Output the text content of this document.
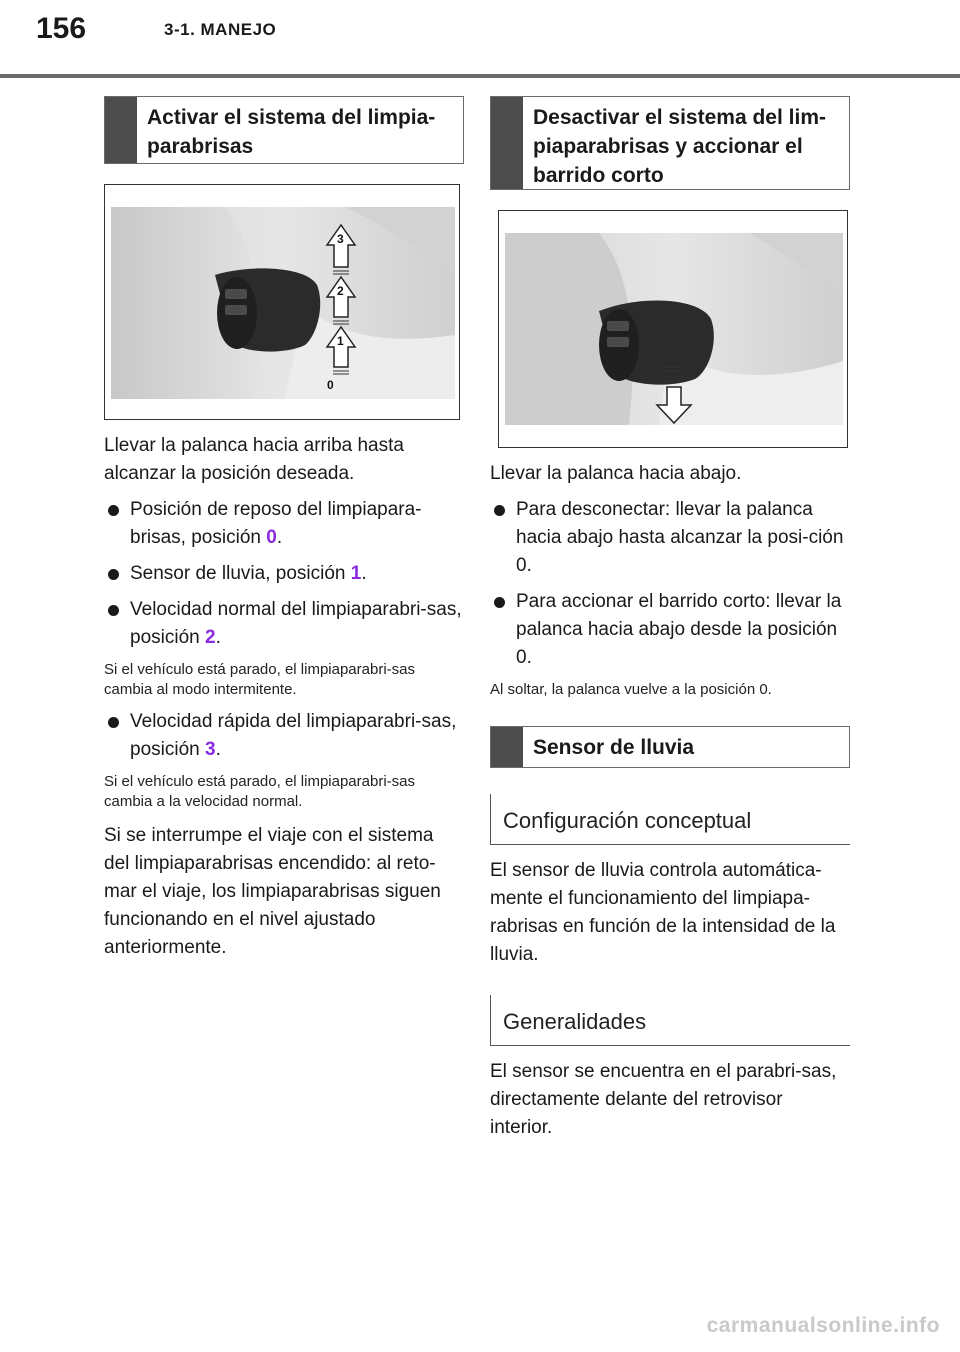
156	3-1. MANEJO
Activar el sistema del limpia-parabrisas
3
2
1
0

Llevar la palanca hacia arriba hasta alcanzar la posición deseada.

Posición de reposo del limpiapara-brisas, posición 0.
Sensor de lluvia, posición 1.
Velocidad normal del limpiaparabri-sas, posición 2.

Si el vehículo está parado, el limpiaparabri-sas cambia al modo intermitente.

Velocidad rápida del limpiaparabri-sas, posición 3.

Si el vehículo está parado, el limpiaparabri-sas cambia a la velocidad normal.

Si se interrumpe el viaje con el sistema del limpiaparabrisas encendido: al reto-mar el viaje, los limpiaparabrisas siguen funcionando en el nivel ajustado anteriormente.

Desactivar el sistema del lim-piaparabrisas y accionar el barrido corto

Llevar la palanca hacia abajo.

Para desconectar: llevar la palanca hacia abajo hasta alcanzar la posi-ción 0.
Para accionar el barrido corto: llevar la palanca hacia abajo desde la posición 0.

Al soltar, la palanca vuelve a la posición 0.

Sensor de lluvia
Configuración conceptual

El sensor de lluvia controla automática-mente el funcionamiento del limpiapa-rabrisas en función de la intensidad de la lluvia.

Generalidades

El sensor se encuentra en el parabri-sas, directamente delante del retrovisor interior.

carmanualsonline.info
